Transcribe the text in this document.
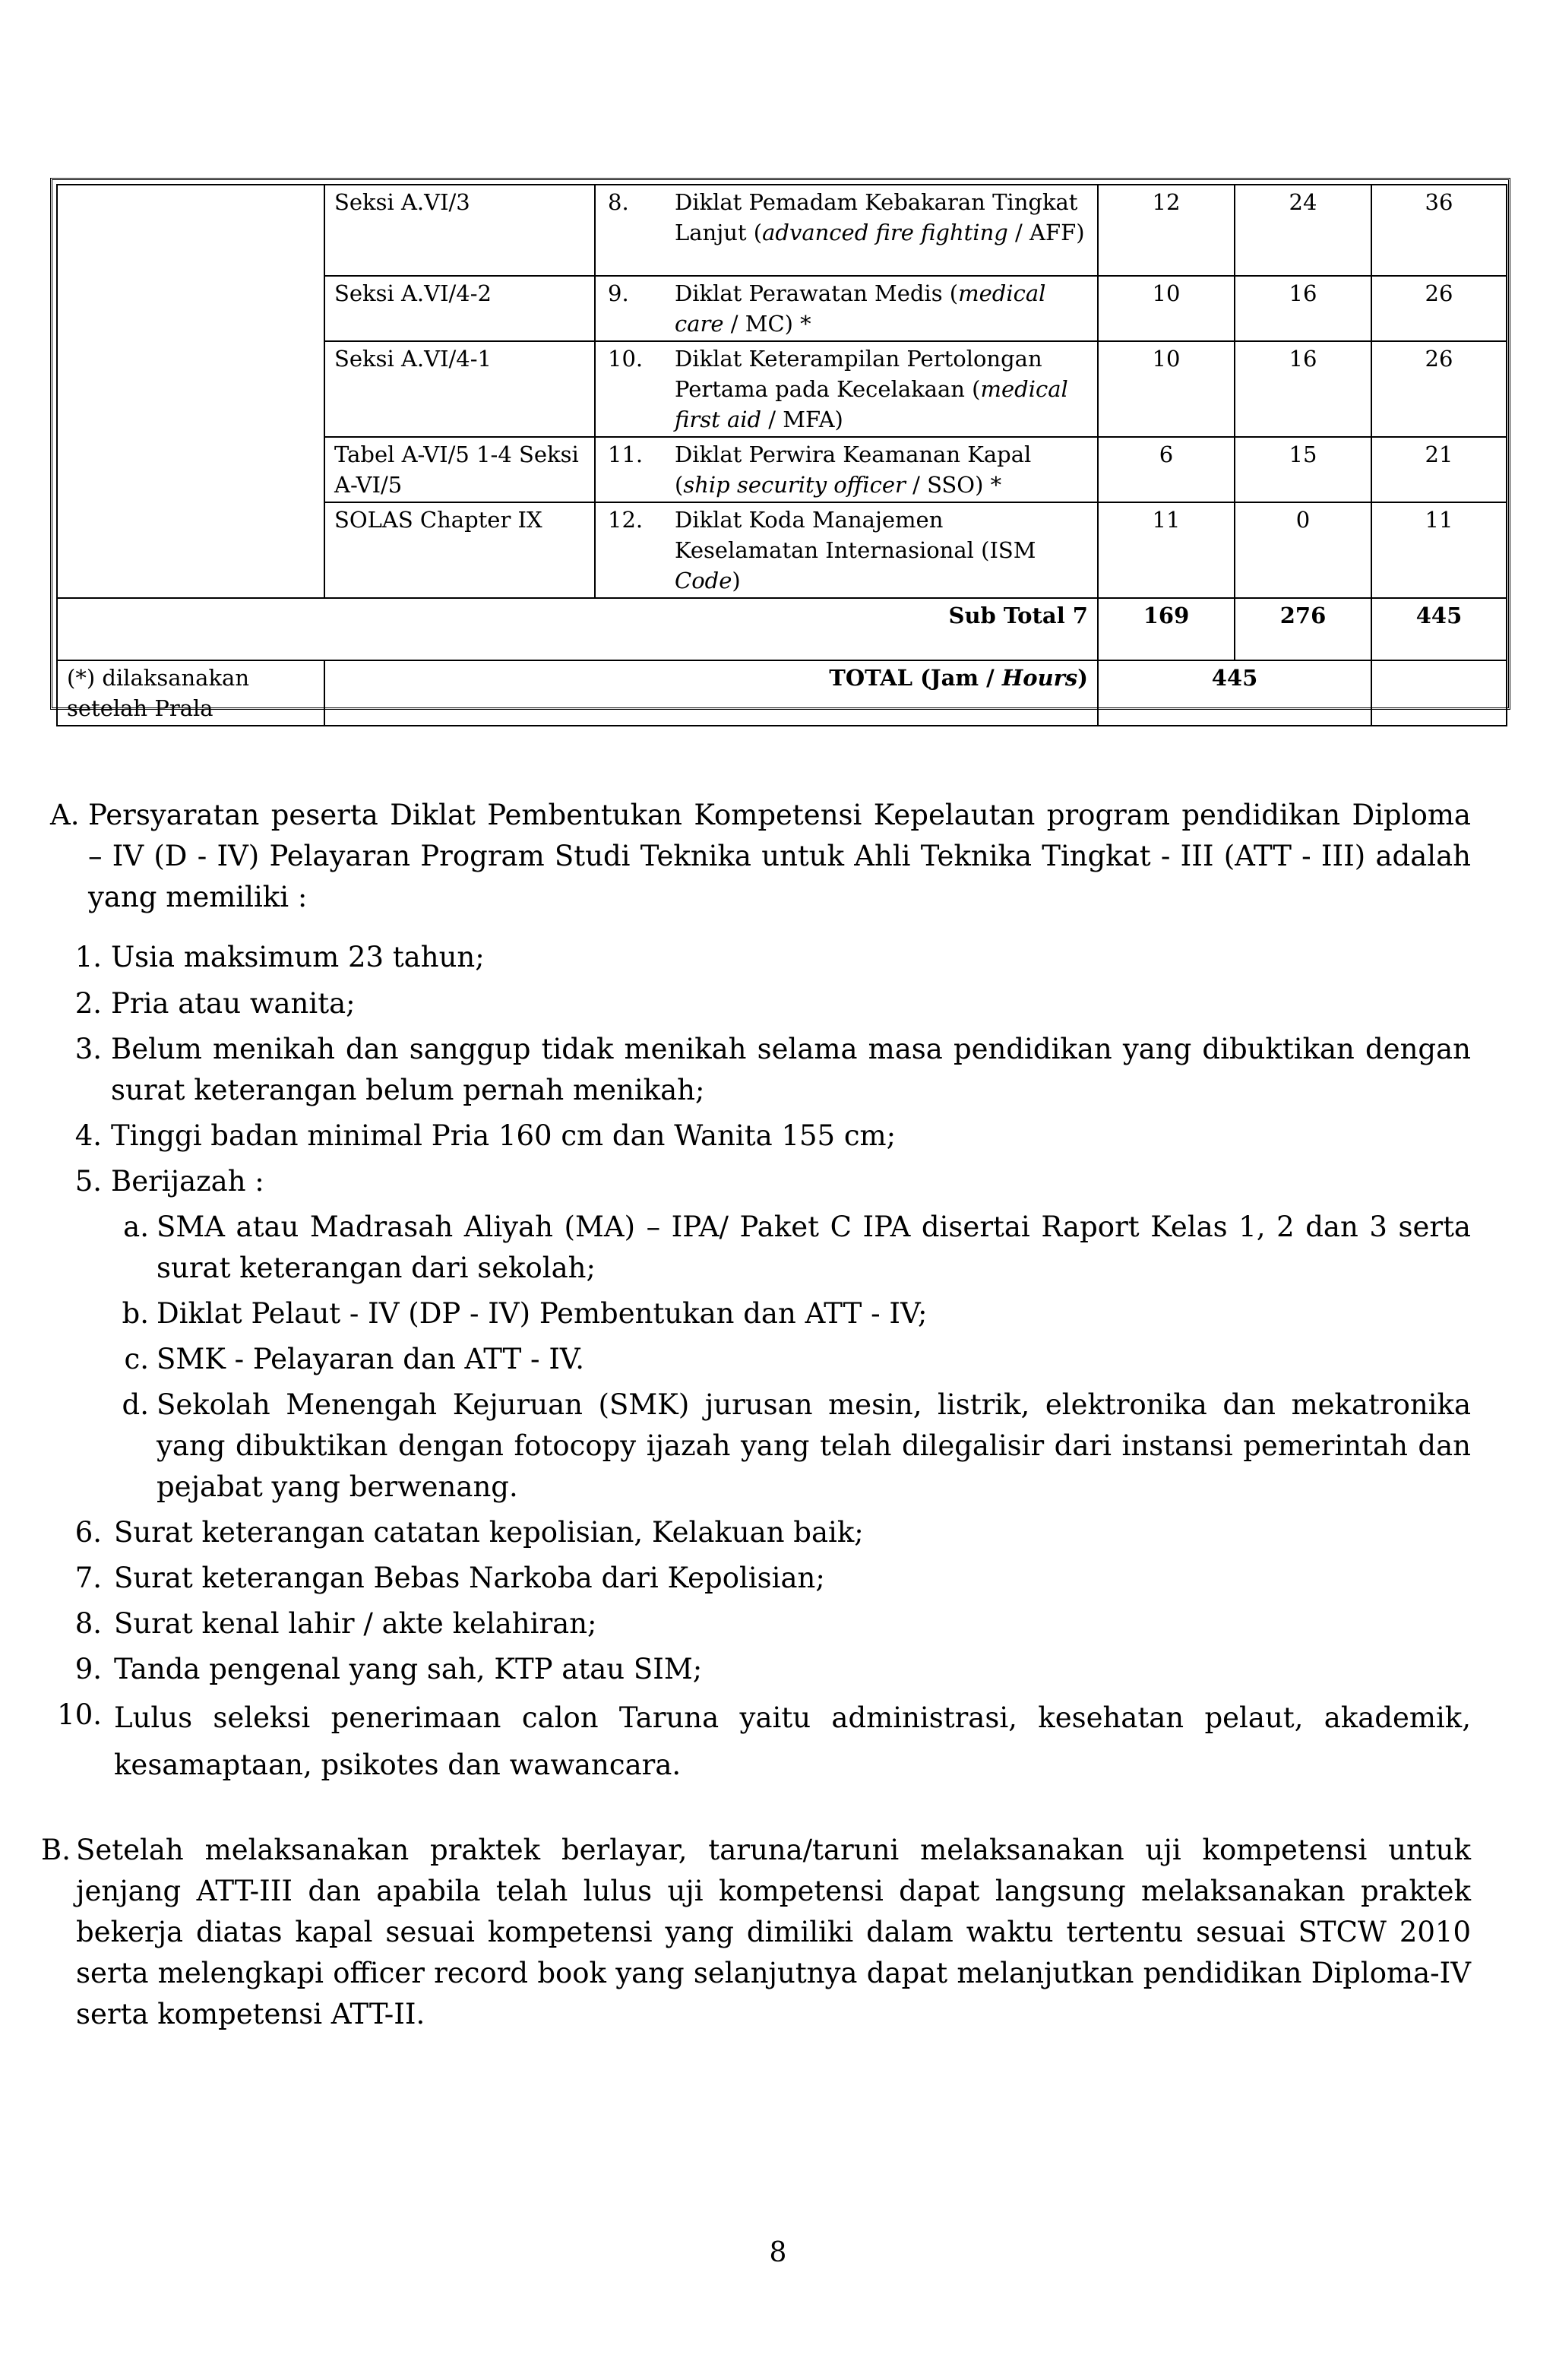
	Seksi A.VI/3	8. Diklat Pemadam Kebakaran Tingkat Lanjut (advanced fire fighting / AFF)	12	24	36
	Seksi A.VI/4-2	9. Diklat Perawatan Medis (medical care / MC) *	10	16	26
	Seksi A.VI/4-1	10. Diklat Keterampilan Pertolongan Pertama pada Kecelakaan (medical first aid / MFA)	10	16	26
	Tabel A-VI/5 1-4 Seksi A-VI/5	11. Diklat Perwira Keamanan Kapal (ship security officer / SSO) *	6	15	21
	SOLAS Chapter IX	12. Diklat Koda Manajemen Keselamatan Internasional (ISM Code)	11	0	11
Sub Total 7			169	276	445
(*) dilaksanakan setelah Prala	TOTAL (Jam / Hours)		445		
A. Persyaratan peserta Diklat Pembentukan Kompetensi Kepelautan program pendidikan Diploma – IV (D - IV) Pelayaran Program Studi Teknika untuk Ahli Teknika Tingkat - III (ATT - III) adalah yang memiliki :
1. Usia maksimum 23 tahun;
2. Pria atau wanita;
3. Belum menikah dan sanggup tidak menikah selama masa pendidikan yang dibuktikan dengan surat keterangan belum pernah menikah;
4. Tinggi badan minimal Pria 160 cm dan Wanita 155 cm;
5. Berijazah :
a. SMA atau Madrasah Aliyah (MA) – IPA/ Paket C IPA disertai Raport Kelas 1, 2 dan 3 serta surat keterangan dari sekolah;
b. Diklat Pelaut - IV (DP - IV) Pembentukan dan ATT - IV;
c. SMK - Pelayaran dan ATT - IV.
d. Sekolah Menengah Kejuruan (SMK) jurusan mesin, listrik, elektronika dan mekatronika yang dibuktikan dengan fotocopy ijazah yang telah dilegalisir dari instansi pemerintah dan pejabat yang berwenang.
6. Surat keterangan catatan kepolisian, Kelakuan baik;
7. Surat keterangan Bebas Narkoba dari Kepolisian;
8. Surat kenal lahir / akte kelahiran;
9. Tanda pengenal yang sah, KTP atau SIM;
10. Lulus seleksi penerimaan calon Taruna yaitu administrasi, kesehatan pelaut, akademik, kesamaptaan, psikotes dan wawancara.
B. Setelah melaksanakan praktek berlayar, taruna/taruni melaksanakan uji kompetensi untuk jenjang ATT-III dan apabila telah lulus uji kompetensi dapat langsung melaksanakan praktek bekerja diatas kapal sesuai kompetensi yang dimiliki dalam waktu tertentu sesuai STCW 2010 serta melengkapi officer record book yang selanjutnya dapat melanjutkan pendidikan Diploma-IV serta kompetensi ATT-II.
8
